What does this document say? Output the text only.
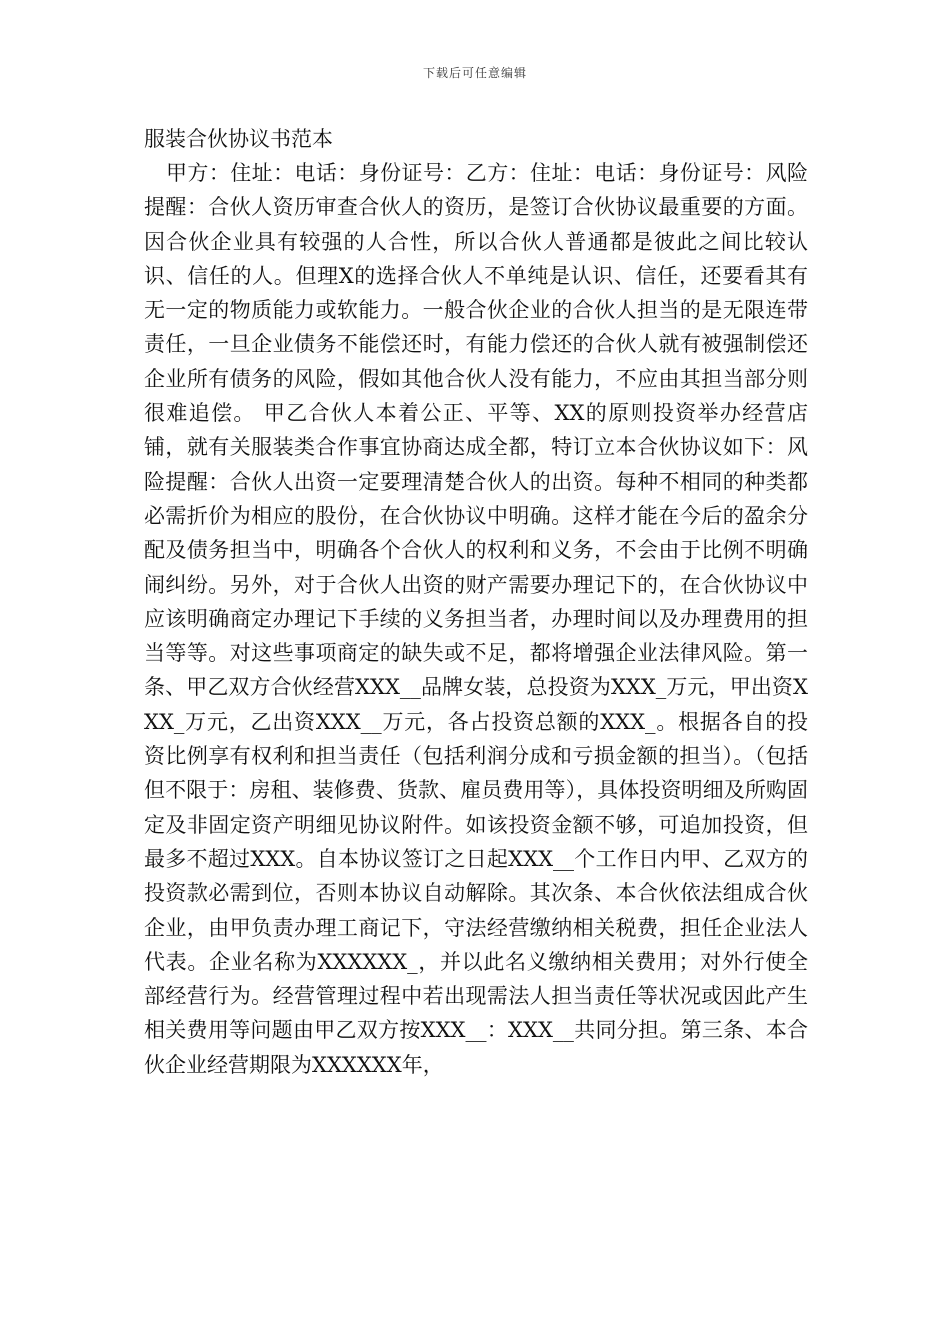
下载后可任意编辑
服装合伙协议书范本

甲方：住址：电话：身份证号：乙方：住址：电话：身份证号：风险提醒：合伙人资历审查合伙人的资历，是签订合伙协议最重要的方面。因合伙企业具有较强的人合性，所以合伙人普通都是彼此之间比较认识、信任的人。但理X的选择合伙人不单纯是认识、信任，还要看其有无一定的物质能力或软能力。一般合伙企业的合伙人担当的是无限连带责任，一旦企业债务不能偿还时，有能力偿还的合伙人就有被强制偿还企业所有债务的风险，假如其他合伙人没有能力，不应由其担当部分则很难追偿。 甲乙合伙人本着公正、平等、XX的原则投资举办经营店铺，就有关服装类合作事宜协商达成全都，特订立本合伙协议如下：风险提醒：合伙人出资一定要理清楚合伙人的出资。每种不相同的种类都必需折价为相应的股份，在合伙协议中明确。这样才能在今后的盈余分配及债务担当中，明确各个合伙人的权利和义务，不会由于比例不明确闹纠纷。另外，对于合伙人出资的财产需要办理记下的，在合伙协议中应该明确商定办理记下手续的义务担当者，办理时间以及办理费用的担当等等。对这些事项商定的缺失或不足，都将增强企业法律风险。第一条、甲乙双方合伙经营XXX__品牌女装，总投资为XXX_万元，甲出资XXX_万元，乙出资XXX__万元，各占投资总额的XXX_。根据各自的投资比例享有权利和担当责任（包括利润分成和亏损金额的担当）。（包括但不限于：房租、装修费、货款、雇员费用等），具体投资明细及所购固定及非固定资产明细见协议附件。如该投资金额不够，可追加投资，但最多不超过XXX。自本协议签订之日起XXX__个工作日内甲、乙双方的投资款必需到位，否则本协议自动解除。其次条、本合伙依法组成合伙企业，由甲负责办理工商记下，守法经营缴纳相关税费，担任企业法人代表。企业名称为XXXXXX_，并以此名义缴纳相关费用；对外行使全部经营行为。经营管理过程中若出现需法人担当责任等状况或因此产生相关费用等问题由甲乙双方按XXX__：XXX__共同分担。第三条、本合伙企业经营期限为XXXXXX年，
